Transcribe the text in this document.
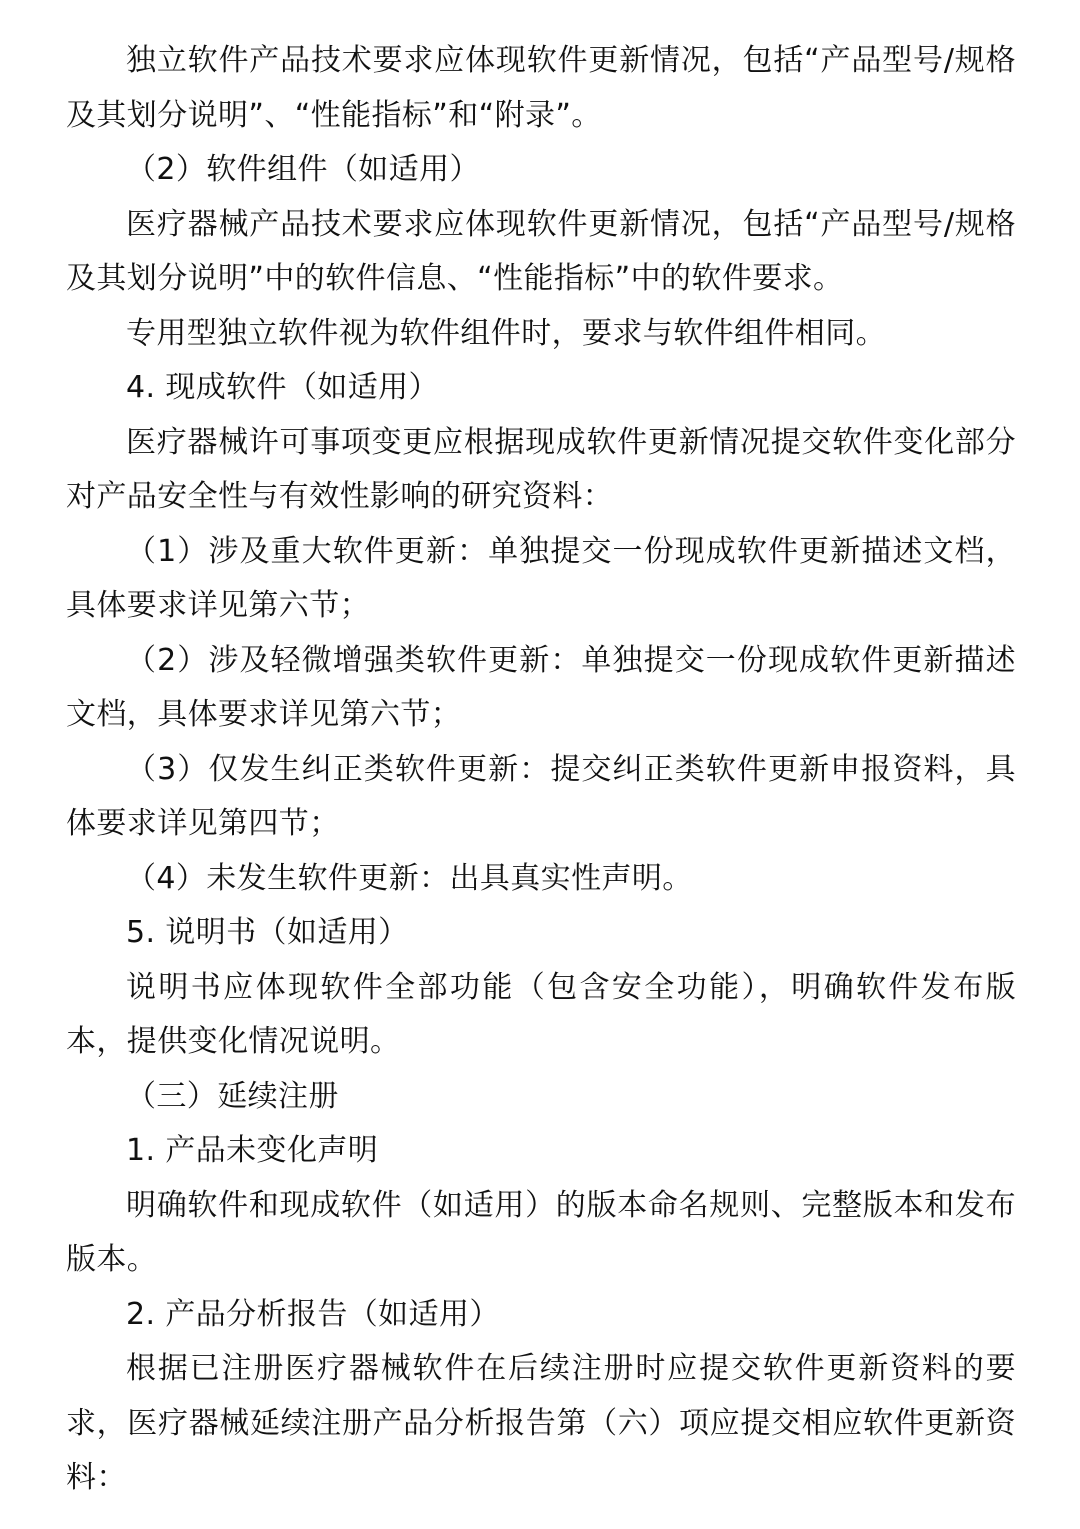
独立软件产品技术要求应体现软件更新情况，包括“产品型号/规格及其划分说明”、“性能指标”和“附录”。

（2）软件组件（如适用）

医疗器械产品技术要求应体现软件更新情况，包括“产品型号/规格及其划分说明”中的软件信息、“性能指标”中的软件要求。

专用型独立软件视为软件组件时，要求与软件组件相同。

4. 现成软件（如适用）

医疗器械许可事项变更应根据现成软件更新情况提交软件变化部分对产品安全性与有效性影响的研究资料：

（1）涉及重大软件更新：单独提交一份现成软件更新描述文档，具体要求详见第六节；

（2）涉及轻微增强类软件更新：单独提交一份现成软件更新描述文档，具体要求详见第六节；

（3）仅发生纠正类软件更新：提交纠正类软件更新申报资料，具体要求详见第四节；

（4）未发生软件更新：出具真实性声明。

5. 说明书（如适用）

说明书应体现软件全部功能（包含安全功能），明确软件发布版本，提供变化情况说明。

（三）延续注册

1. 产品未变化声明

明确软件和现成软件（如适用）的版本命名规则、完整版本和发布版本。

2. 产品分析报告（如适用）

根据已注册医疗器械软件在后续注册时应提交软件更新资料的要求，医疗器械延续注册产品分析报告第（六）项应提交相应软件更新资料：
